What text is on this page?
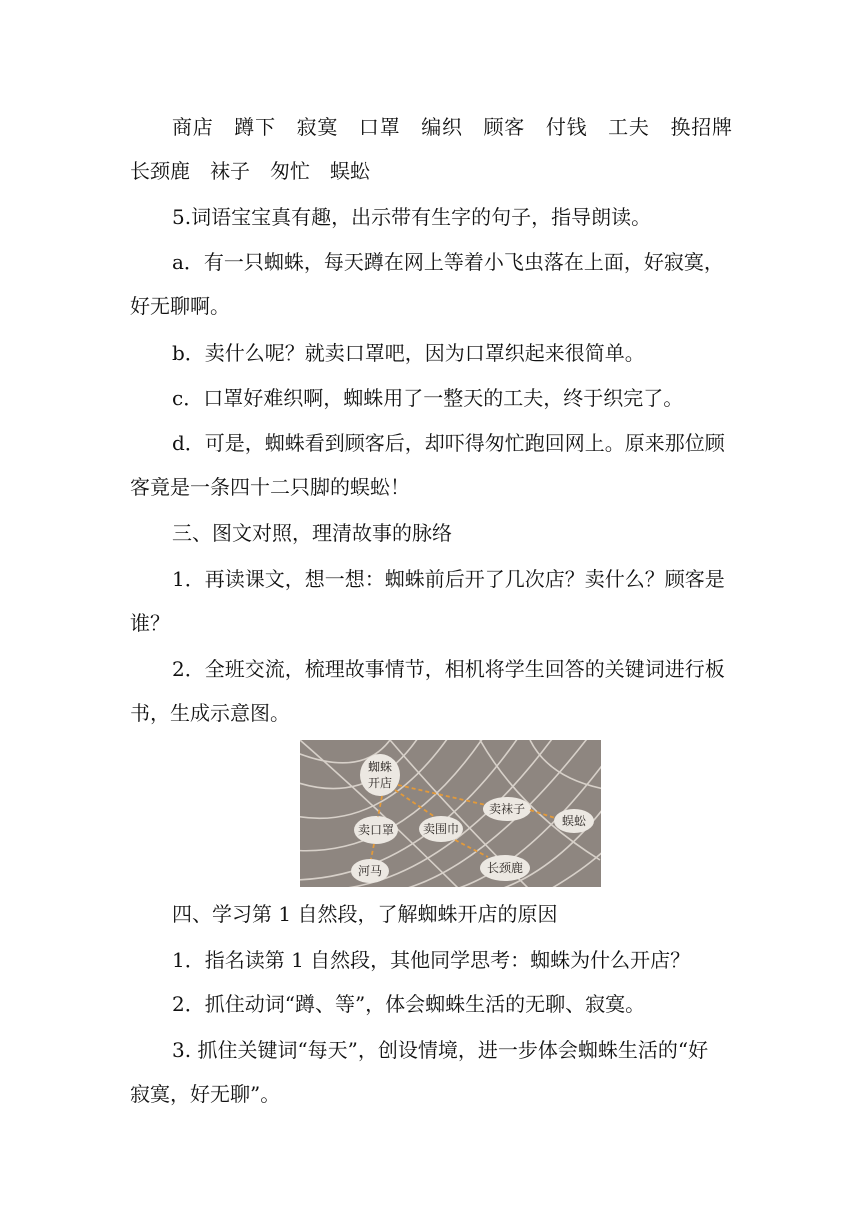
商店　蹲下　寂寞　口罩　编织　顾客　付钱　工夫　换招牌
长颈鹿　袜子　匆忙　蜈蚣
5.词语宝宝真有趣，出示带有生字的句子，指导朗读。
a．有一只蜘蛛，每天蹲在网上等着小飞虫落在上面，好寂寞，
好无聊啊。
b．卖什么呢？就卖口罩吧，因为口罩织起来很简单。
c．口罩好难织啊，蜘蛛用了一整天的工夫，终于织完了。
d．可是，蜘蛛看到顾客后，却吓得匆忙跑回网上。原来那位顾
客竟是一条四十二只脚的蜈蚣！
三、图文对照，理清故事的脉络
1．再读课文，想一想：蜘蛛前后开了几次店？卖什么？顾客是
谁？
2．全班交流，梳理故事情节，相机将学生回答的关键词进行板
书，生成示意图。
蜘蛛
开店
卖口罩 卖围巾
卖袜子
蜈蚣
河马	长颈鹿
四、学习第 1 自然段，了解蜘蛛开店的原因
1．指名读第 1 自然段，其他同学思考：蜘蛛为什么开店？
2．抓住动词“蹲、等”，体会蜘蛛生活的无聊、寂寞。
3. 抓住关键词“每天”，创设情境，进一步体会蜘蛛生活的“好
寂寞，好无聊”。
